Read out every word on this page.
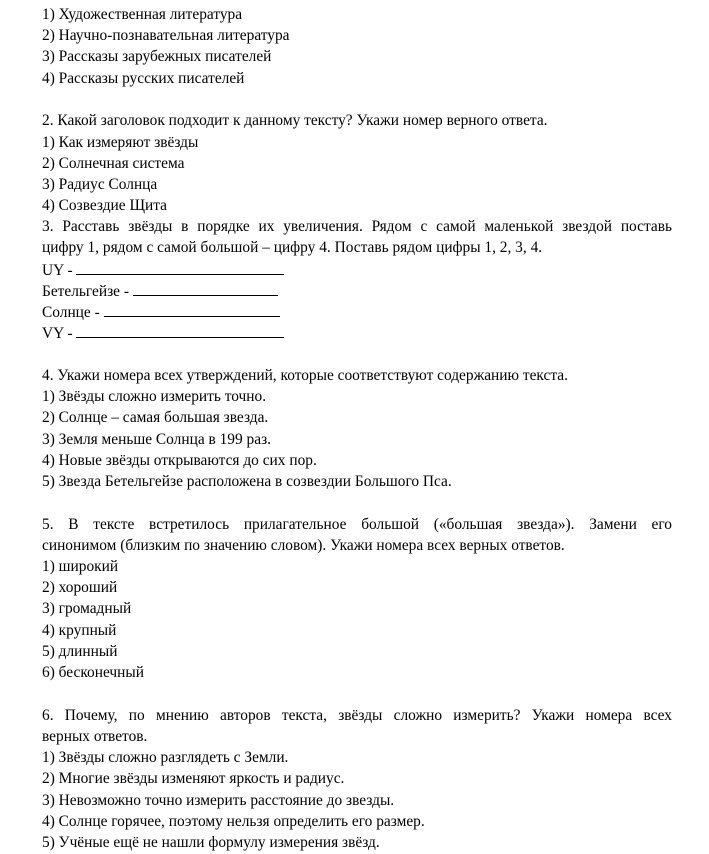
1) Художественная литература
2) Научно-познавательная литература
3) Рассказы зарубежных писателей
4) Рассказы русских писателей
2. Какой заголовок подходит к данному тексту? Укажи номер верного ответа.
1) Как измеряют звёзды
2) Солнечная система
3) Радиус Солнца
4) Созвездие Щита
3. Расставь звёзды в порядке их увеличения. Рядом с самой маленькой звездой поставь
цифру 1, рядом с самой большой – цифру 4. Поставь рядом цифры 1, 2, 3, 4.
UY -
Бетельгейзе -
Солнце -
VY -
4. Укажи номера всех утверждений, которые соответствуют содержанию текста.
1) Звёзды сложно измерить точно.
2) Солнце – самая большая звезда.
3) Земля меньше Солнца в 199 раз.
4) Новые звёзды открываются до сих пор.
5) Звезда Бетельгейзе расположена в созвездии Большого Пса.
5. В тексте встретилось прилагательное большой («большая звезда»). Замени его
синонимом (близким по значению словом). Укажи номера всех верных ответов.
1) широкий
2) хороший
3) громадный
4) крупный
5) длинный
6) бесконечный
6. Почему, по мнению авторов текста, звёзды сложно измерить? Укажи номера всех
верных ответов.
1) Звёзды сложно разглядеть с Земли.
2) Многие звёзды изменяют яркость и радиус.
3) Невозможно точно измерить расстояние до звезды.
4) Солнце горячее, поэтому нельзя определить его размер.
5) Учёные ещё не нашли формулу измерения звёзд.
